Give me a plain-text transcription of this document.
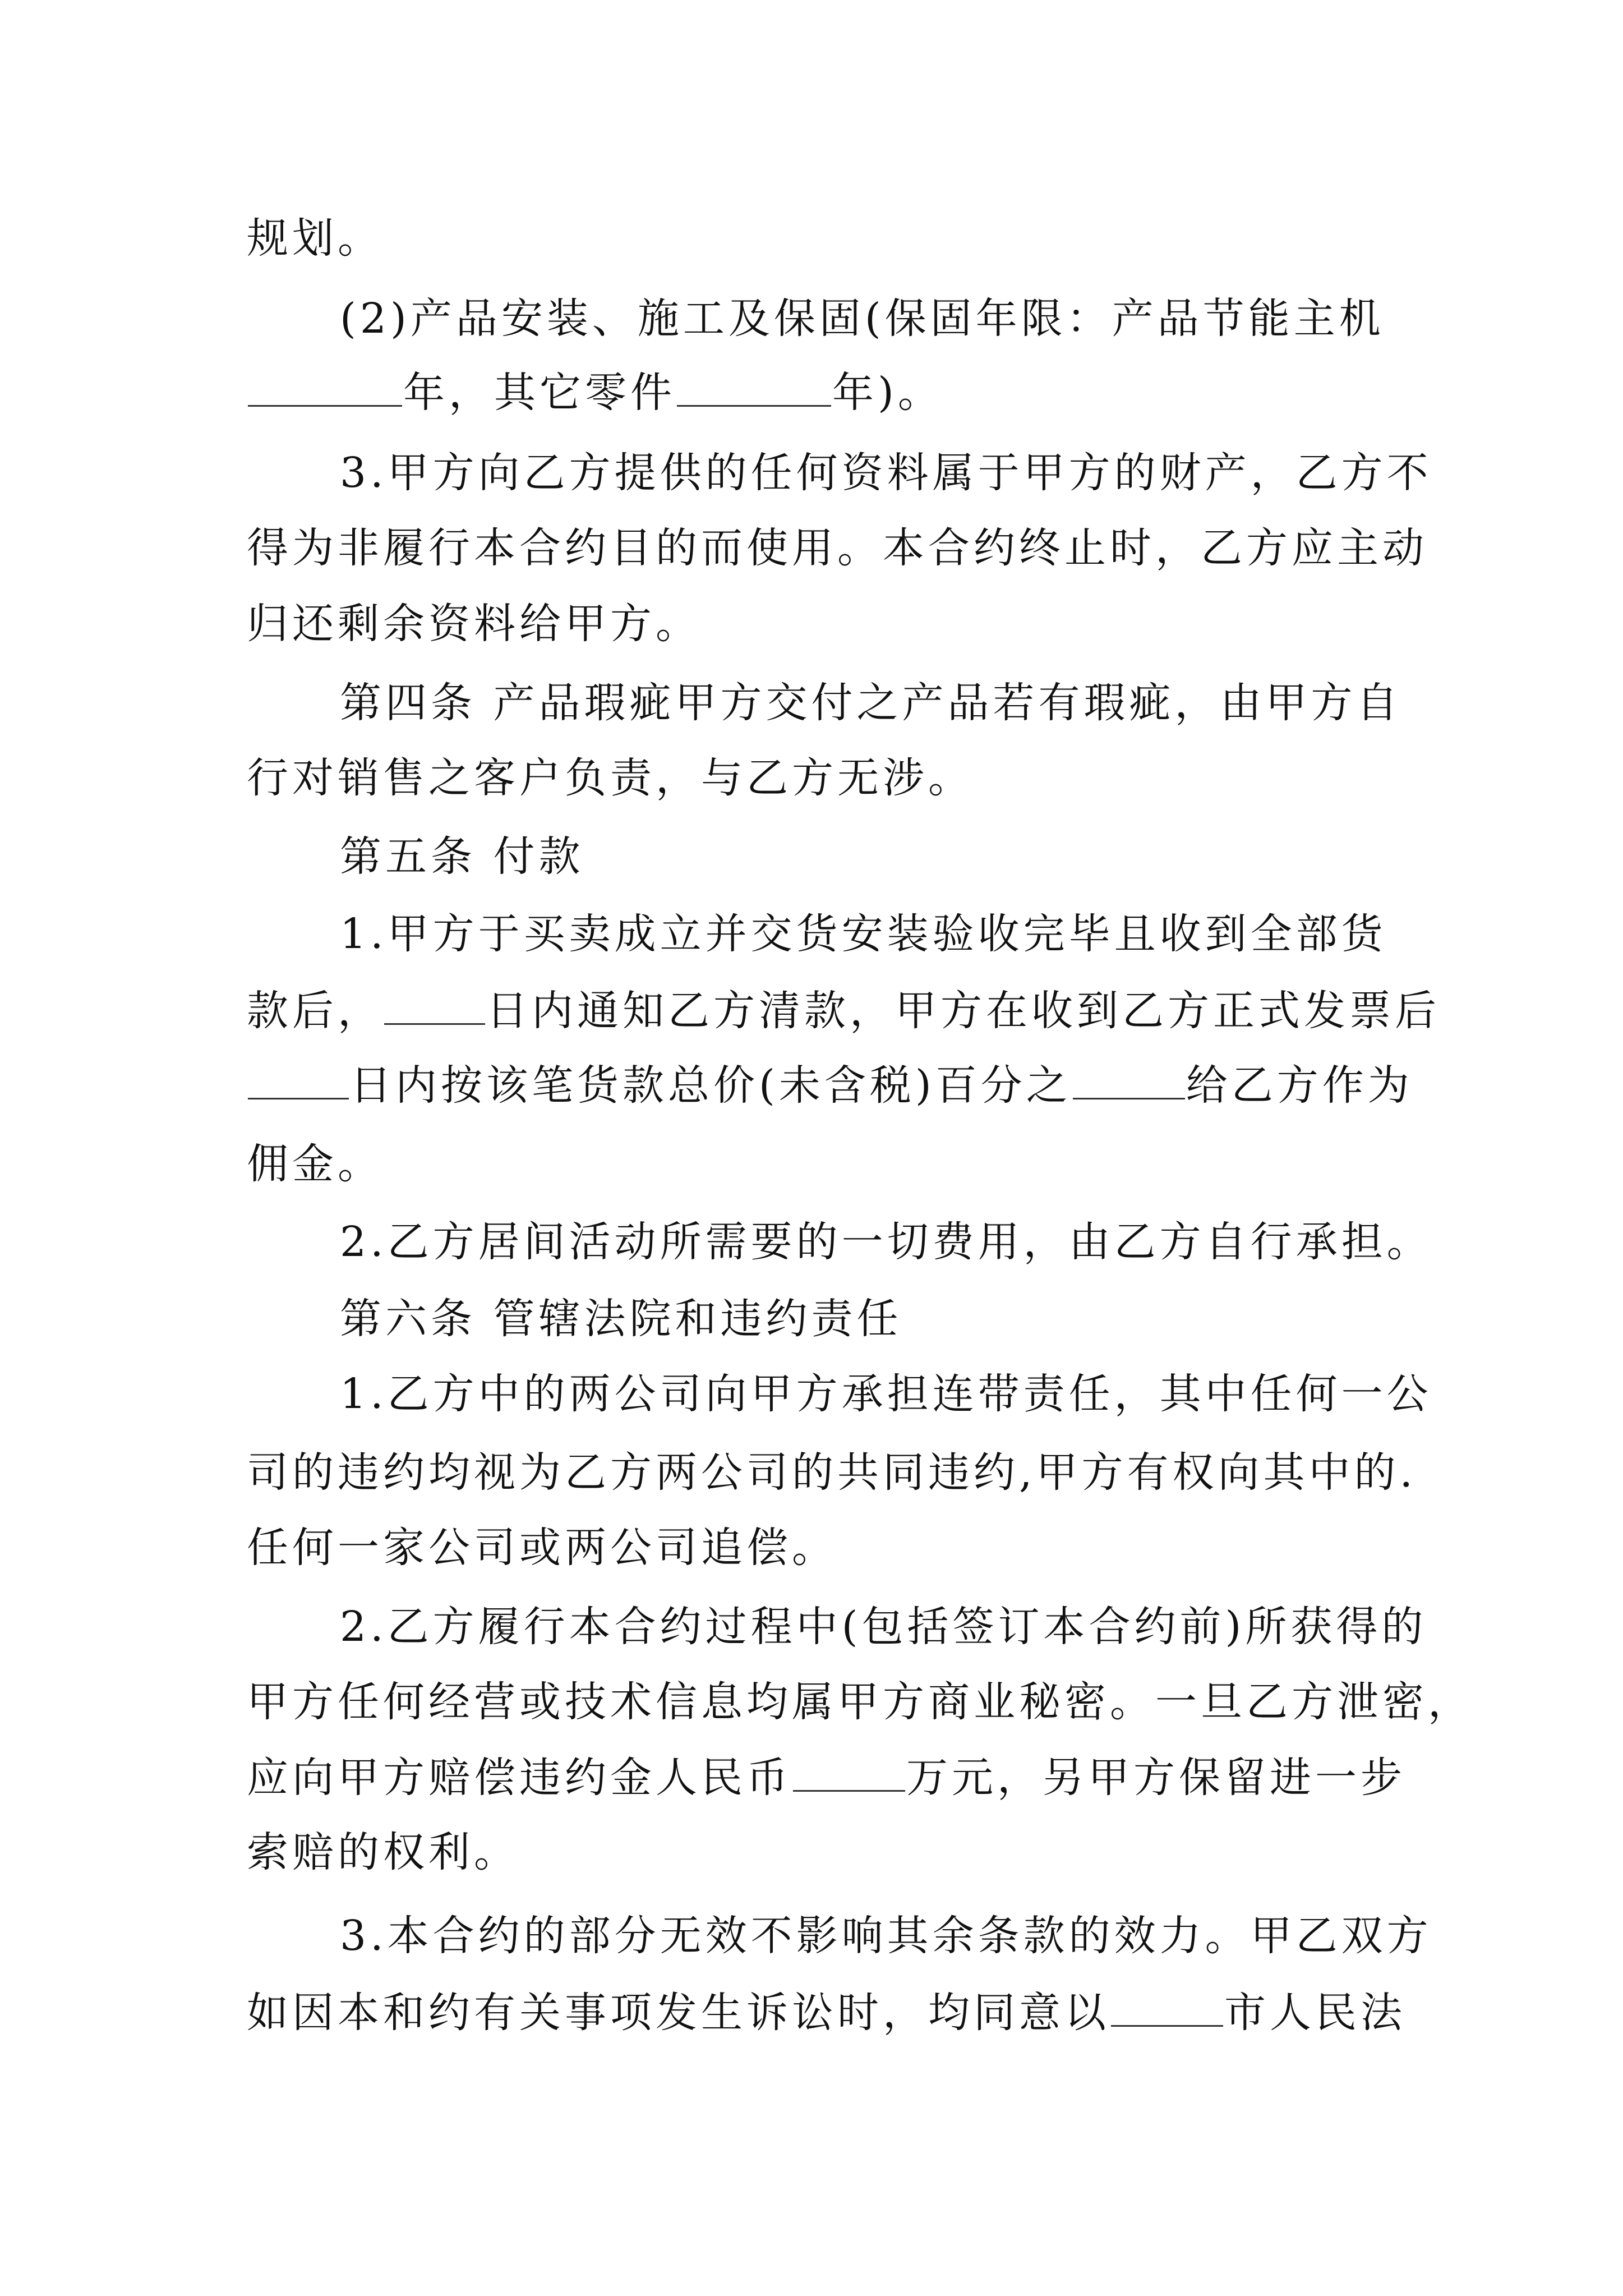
规划。
(2)产品安装、施工及保固(保固年限：产品节能主机
年，其它零件	年)。
3.甲方向乙方提供的任何资料属于甲方的财产，乙方不
得为非履行本合约目的而使用。本合约终止时，乙方应主动
归还剩余资料给甲方。
第四条 产品瑕疵甲方交付之产品若有瑕疵，由甲方自
行对销售之客户负责，与乙方无涉。
第五条 付款
1.甲方于买卖成立并交货安装验收完毕且收到全部货
款后， 日内通知乙方清款，甲方在收到乙方正式发票后
日内按该笔货款总价(未含税)百分之	给乙方作为
佣金。
2.乙方居间活动所需要的一切费用，由乙方自行承担。
第六条 管辖法院和违约责任
1.乙方中的两公司向甲方承担连带责任，其中任何一公
司的违约均视为乙方两公司的共同违约,甲方有权向其中的.
任何一家公司或两公司追偿。
2.乙方履行本合约过程中(包括签订本合约前)所获得的
甲方任何经营或技术信息均属甲方商业秘密。一旦乙方泄密，
应向甲方赔偿违约金人民币	万元，另甲方保留进一步
索赔的权利。
3.本合约的部分无效不影响其余条款的效力。甲乙双方
如因本和约有关事项发生诉讼时，均同意以	市人民法
